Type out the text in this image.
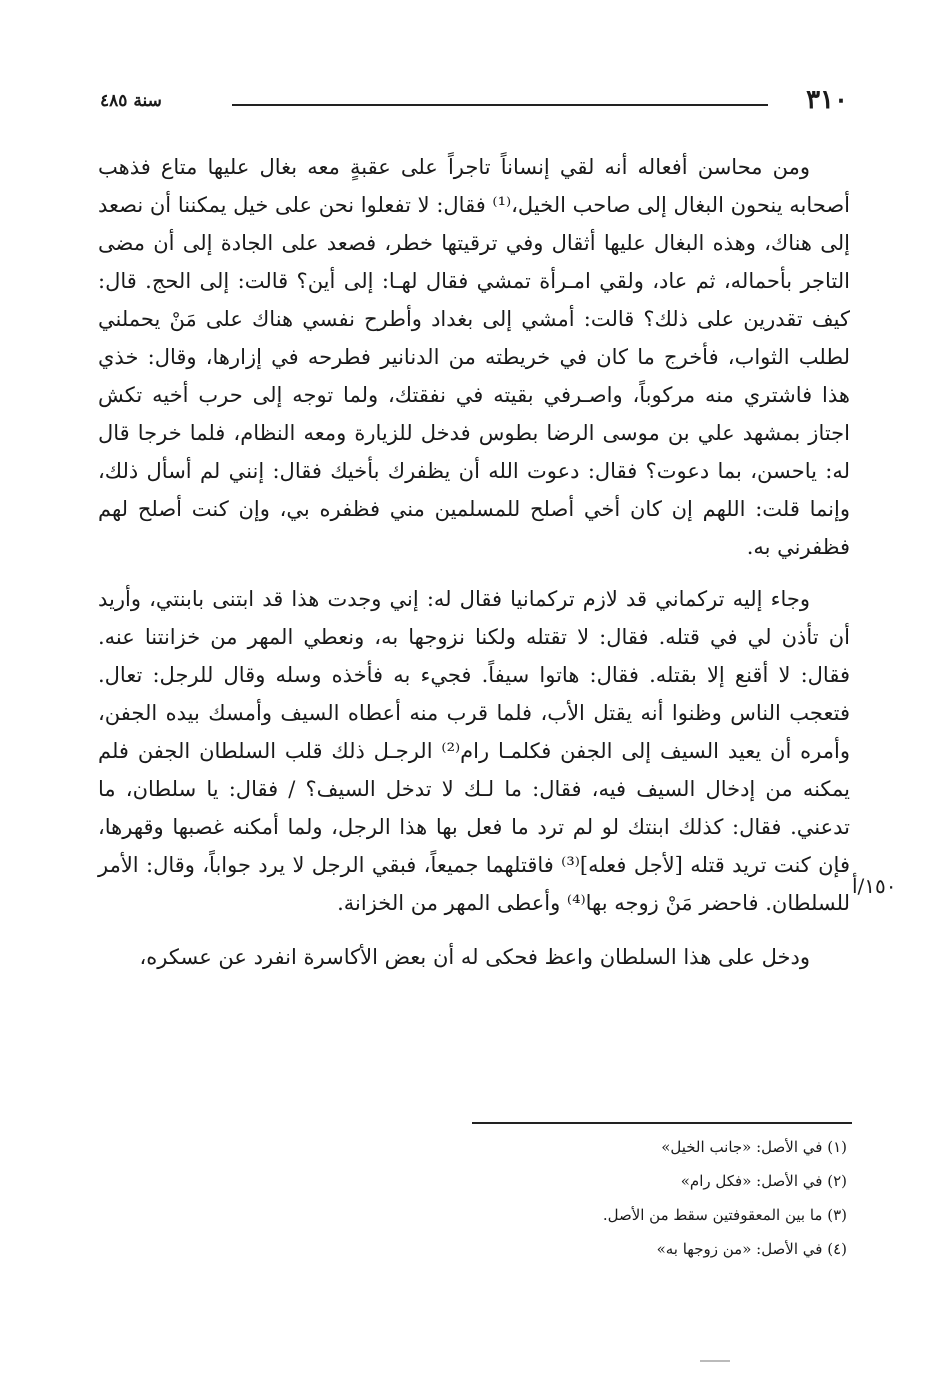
٣١٠
سنة ٤٨٥

ومن محاسن أفعاله أنه لقي إنساناً تاجراً على عقبةٍ معه بغال عليها متاع فذهب أصحابه ينحون البغال إلى صاحب الخيل،⁽¹⁾ فقال: لا تفعلوا نحن على خيل يمكننا أن نصعد إلى هناك، وهذه البغال عليها أثقال وفي ترقيتها خطر، فصعد على الجادة إلى أن مضى التاجر بأحماله، ثم عاد، ولقي امـرأة تمشي فقال لهـا: إلى أين؟ قالت: إلى الحج. قال: كيف تقدرين على ذلك؟ قالت: أمشي إلى بغداد وأطرح نفسي هناك على مَنْ يحملني لطلب الثواب، فأخرج ما كان في خريطته من الدنانير فطرحه في إزارها، وقال: خذي هذا فاشتري منه مركوباً، واصـرفي بقيته في نفقتك، ولما توجه إلى حرب أخيه تكش اجتاز بمشهد علي بن موسى الرضا بطوس فدخل للزيارة ومعه النظام، فلما خرجا قال له: ياحسن، بما دعوت؟ فقال: دعوت الله أن يظفرك بأخيك فقال: إنني لم أسأل ذلك، وإنما قلت: اللهم إن كان أخي أصلح للمسلمين مني فظفره بي، وإن كنت أصلح لهم فظفرني به.

وجاء إليه تركماني قد لازم تركمانيا فقال له: إني وجدت هذا قد ابتنى بابنتي، وأريد أن تأذن لي في قتله. فقال: لا تقتله ولكنا نزوجها به، ونعطي المهر من خزانتنا عنه. فقال: لا أقنع إلا بقتله. فقال: هاتوا سيفاً. فجيء به فأخذه وسله وقال للرجل: تعال. فتعجب الناس وظنوا أنه يقتل الأب، فلما قرب منه أعطاه السيف وأمسك بيده الجفن، وأمره أن يعيد السيف إلى الجفن فكلمـا رام⁽²⁾ الرجـل ذلك قلب السلطان الجفن فلم يمكنه من إدخال السيف فيه، فقال: ما لـك لا تدخل السيف؟ / فقال: يا سلطان، ما تدعني. فقال: كذلك ابنتك لو لم ترد ما فعل بها هذا الرجل، ولما أمكنه غصبها وقهرها، فإن كنت تريد قتله [لأجل فعله]⁽³⁾ فاقتلهما جميعاً، فبقي الرجل لا يرد جواباً، وقال: الأمر للسلطان. فاحضر مَنْ زوجه بها⁽⁴⁾ وأعطى المهر من الخزانة.

ودخل على هذا السلطان واعظ فحكى له أن بعض الأكاسرة انفرد عن عسكره،

١٥٠/أ

(١) في الأصل: «جانب الخيل»

(٢) في الأصل: «فكل رام»

(٣) ما بين المعقوفتين سقط من الأصل.

(٤) في الأصل: «من زوجها به»
